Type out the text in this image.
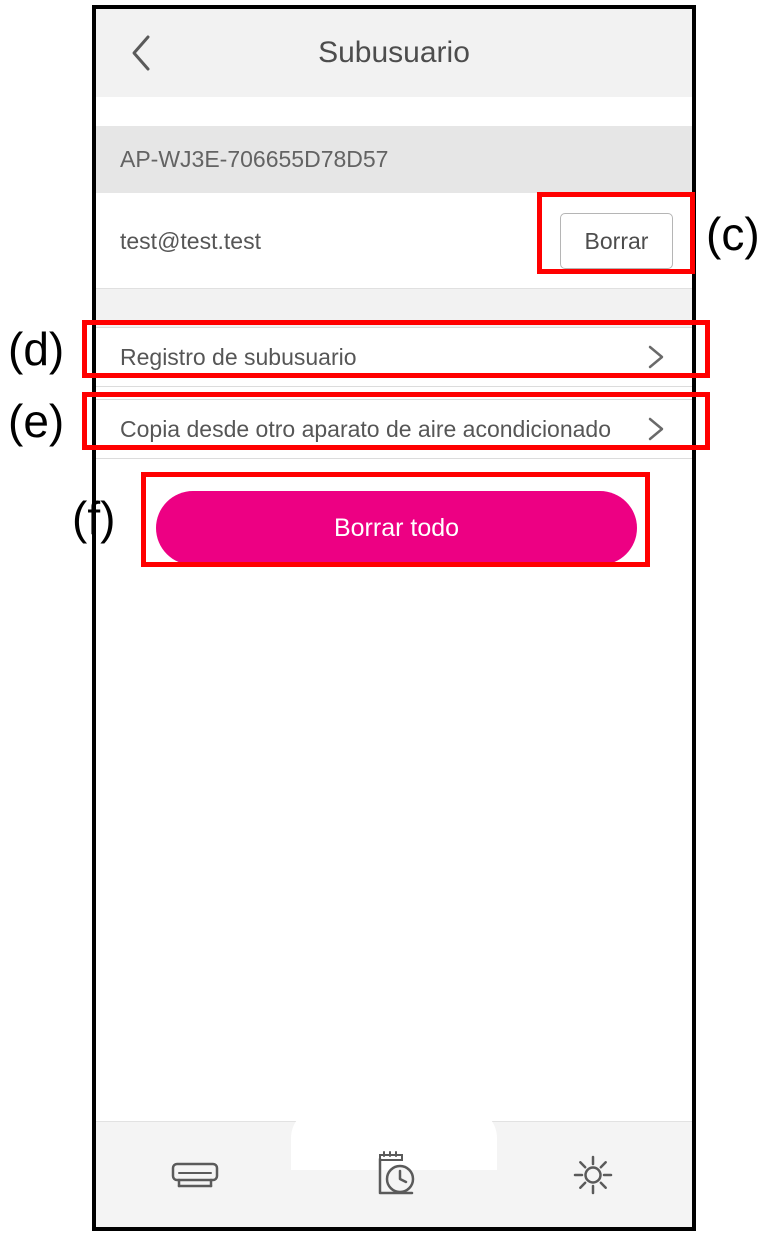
Subusuario
AP-WJ3E-706655D78D57
test@test.test	Borrar
Registro de subusuario
Copia desde otro aparato de aire acondicionado
Borrar todo
(c)
(d)
(e)
(f)
